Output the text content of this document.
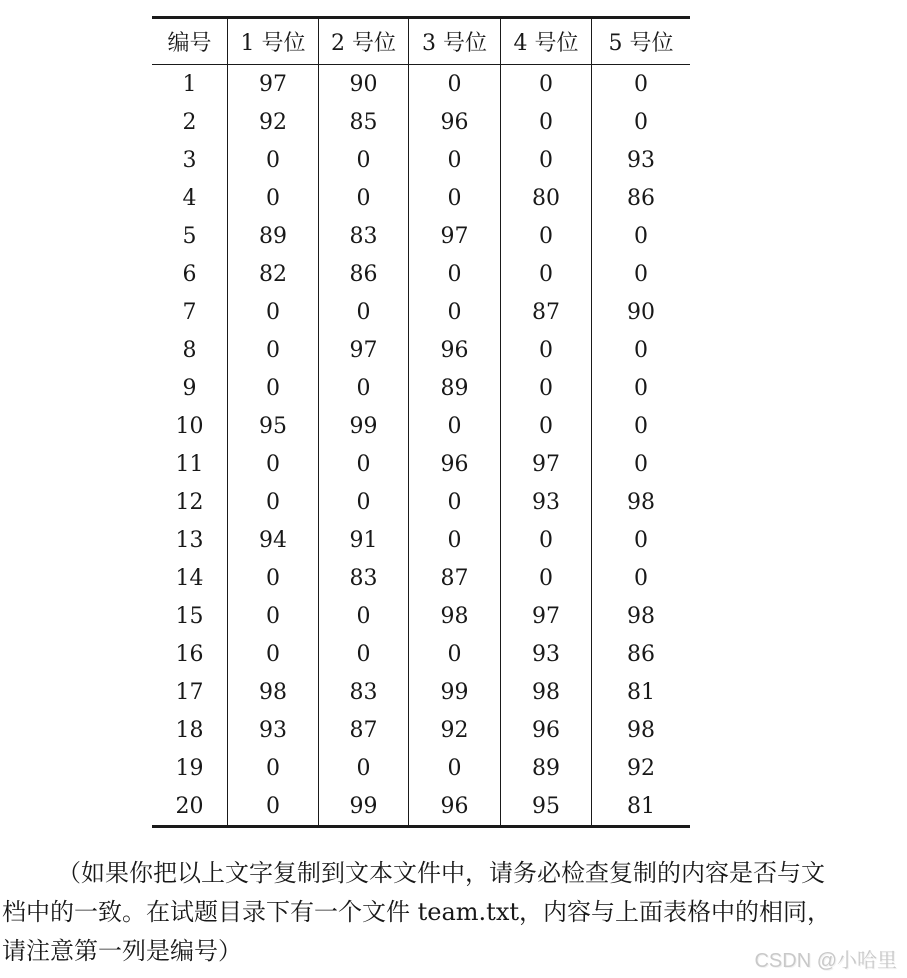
编号	1 号位	2 号位	3 号位	4 号位	5 号位
1	97	90	0	0	0
2	92	85	96	0	0
3	0	0	0	0	93
4	0	0	0	80	86
5	89	83	97	0	0
6	82	86	0	0	0
7	0	0	0	87	90
8	0	97	96	0	0
9	0	0	89	0	0
10	95	99	0	0	0
11	0	0	96	97	0
12	0	0	0	93	98
13	94	91	0	0	0
14	0	83	87	0	0
15	0	0	98	97	98
16	0	0	0	93	86
17	98	83	99	98	81
18	93	87	92	96	98
19	0	0	0	89	92
20	0	99	96	95	81
（如果你把以上文字复制到文本文件中，请务必检查复制的内容是否与文
档中的一致。在试题目录下有一个文件 team.txt，内容与上面表格中的相同，
请注意第一列是编号）	CSDN @小哈里
